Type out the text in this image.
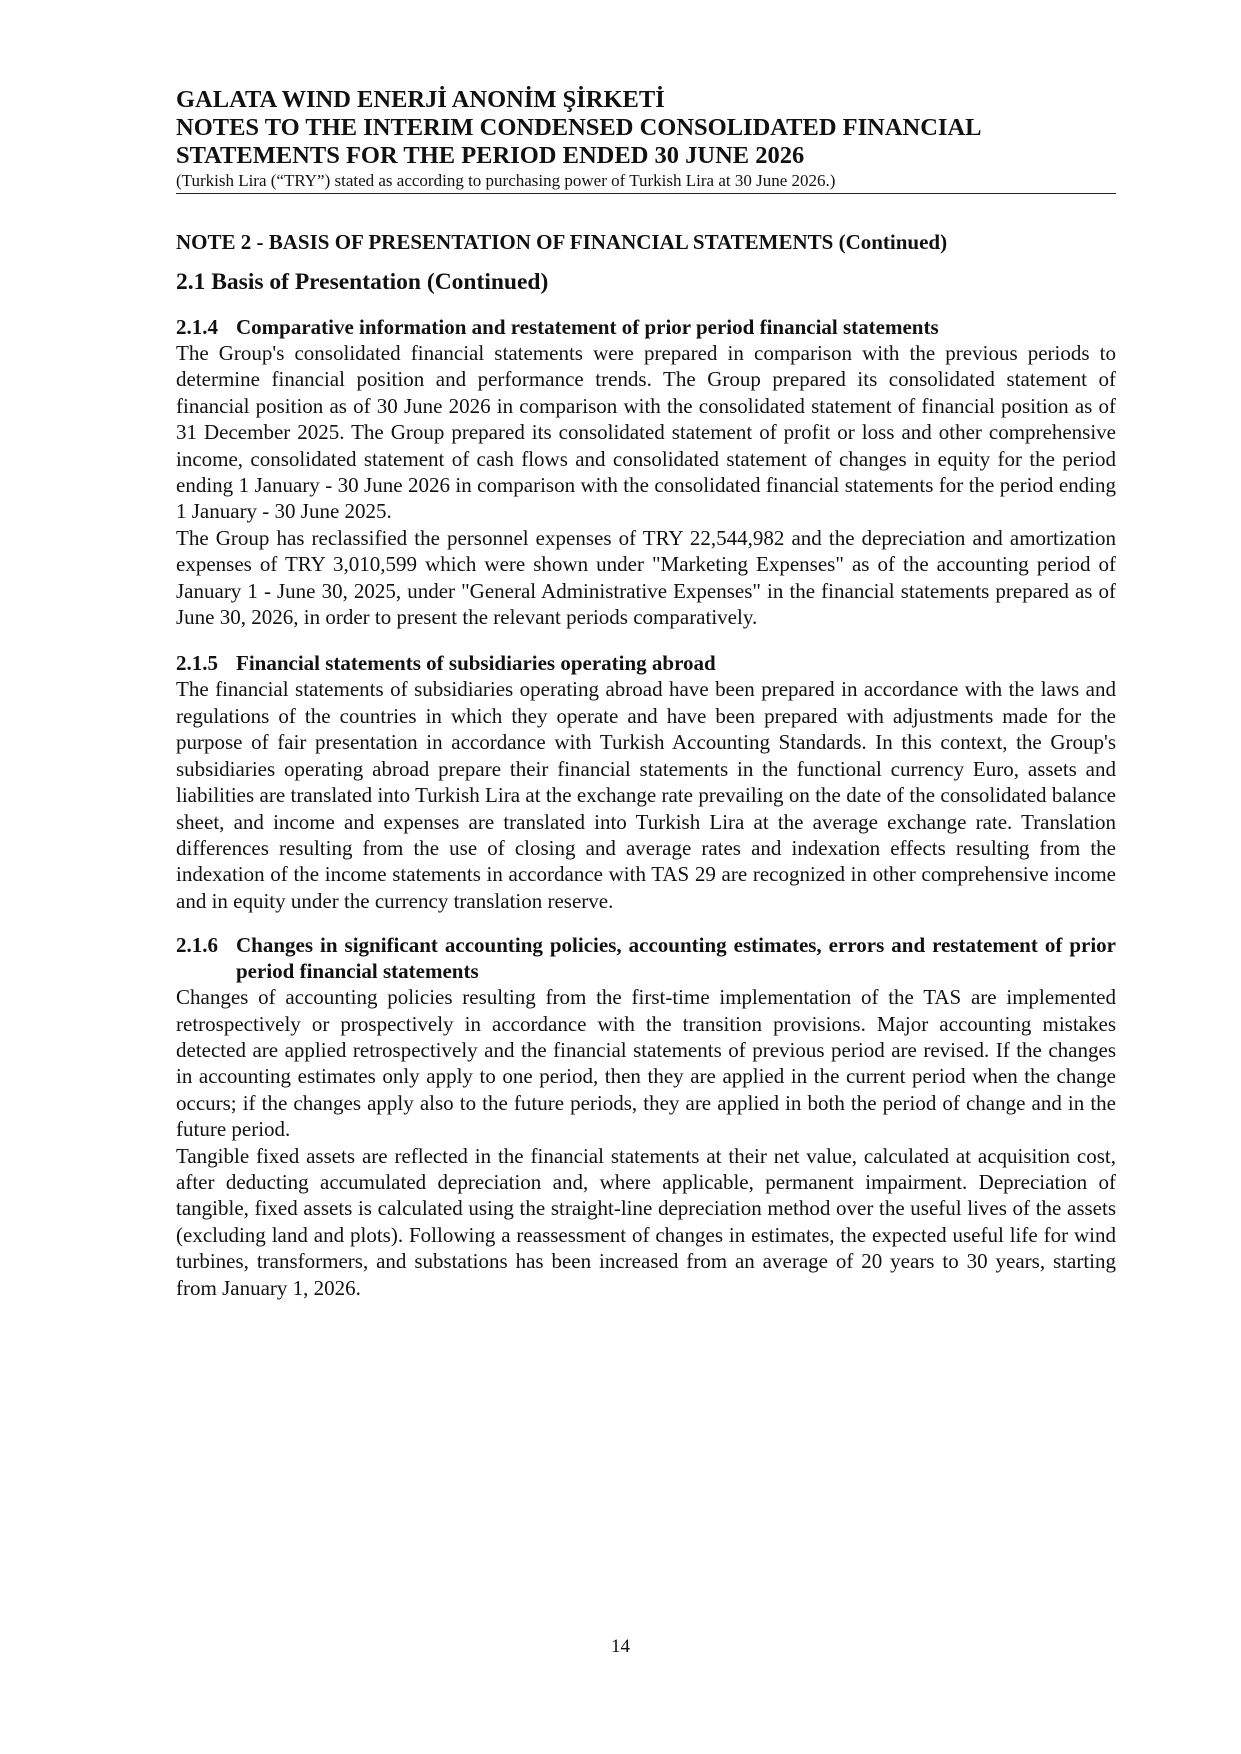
GALATA WIND ENERJİ ANONİM ŞİRKETİ

NOTES TO THE INTERIM CONDENSED CONSOLIDATED FINANCIAL

STATEMENTS FOR THE PERIOD ENDED 30 JUNE 2026

(Turkish Lira (“TRY”) stated as according to purchasing power of Turkish Lira at 30 June 2026.)

NOTE 2 - BASIS OF PRESENTATION OF FINANCIAL STATEMENTS (Continued)
2.1 Basis of Presentation (Continued)
2.1.4 Comparative information and restatement of prior period financial statements

The Group's consolidated financial statements were prepared in comparison with the previous periods to determine financial position and performance trends. The Group prepared its consolidated statement of financial position as of 30 June 2026 in comparison with the consolidated statement of financial position as of 31 December 2025. The Group prepared its consolidated statement of profit or loss and other comprehensive income, consolidated statement of cash flows and consolidated statement of changes in equity for the period ending 1 January - 30 June 2026 in comparison with the consolidated financial statements for the period ending 1 January - 30 June 2025.

The Group has reclassified the personnel expenses of TRY 22,544,982 and the depreciation and amortization expenses of TRY 3,010,599 which were shown under "Marketing Expenses" as of the accounting period of January 1 - June 30, 2025, under "General Administrative Expenses" in the financial statements prepared as of June 30, 2026, in order to present the relevant periods comparatively.

2.1.5 Financial statements of subsidiaries operating abroad

The financial statements of subsidiaries operating abroad have been prepared in accordance with the laws and regulations of the countries in which they operate and have been prepared with adjustments made for the purpose of fair presentation in accordance with Turkish Accounting Standards. In this context, the Group's subsidiaries operating abroad prepare their financial statements in the functional currency Euro, assets and liabilities are translated into Turkish Lira at the exchange rate prevailing on the date of the consolidated balance sheet, and income and expenses are translated into Turkish Lira at the average exchange rate. Translation differences resulting from the use of closing and average rates and indexation effects resulting from the indexation of the income statements in accordance with TAS 29 are recognized in other comprehensive income and in equity under the currency translation reserve.

2.1.6 Changes in significant accounting policies, accounting estimates, errors and restatement of prior period financial statements

Changes of accounting policies resulting from the first-time implementation of the TAS are implemented retrospectively or prospectively in accordance with the transition provisions. Major accounting mistakes detected are applied retrospectively and the financial statements of previous period are revised. If the changes in accounting estimates only apply to one period, then they are applied in the current period when the change occurs; if the changes apply also to the future periods, they are applied in both the period of change and in the future period.

Tangible fixed assets are reflected in the financial statements at their net value, calculated at acquisition cost, after deducting accumulated depreciation and, where applicable, permanent impairment. Depreciation of tangible, fixed assets is calculated using the straight-line depreciation method over the useful lives of the assets (excluding land and plots). Following a reassessment of changes in estimates, the expected useful life for wind turbines, transformers, and substations has been increased from an average of 20 years to 30 years, starting from January 1, 2026.

14
